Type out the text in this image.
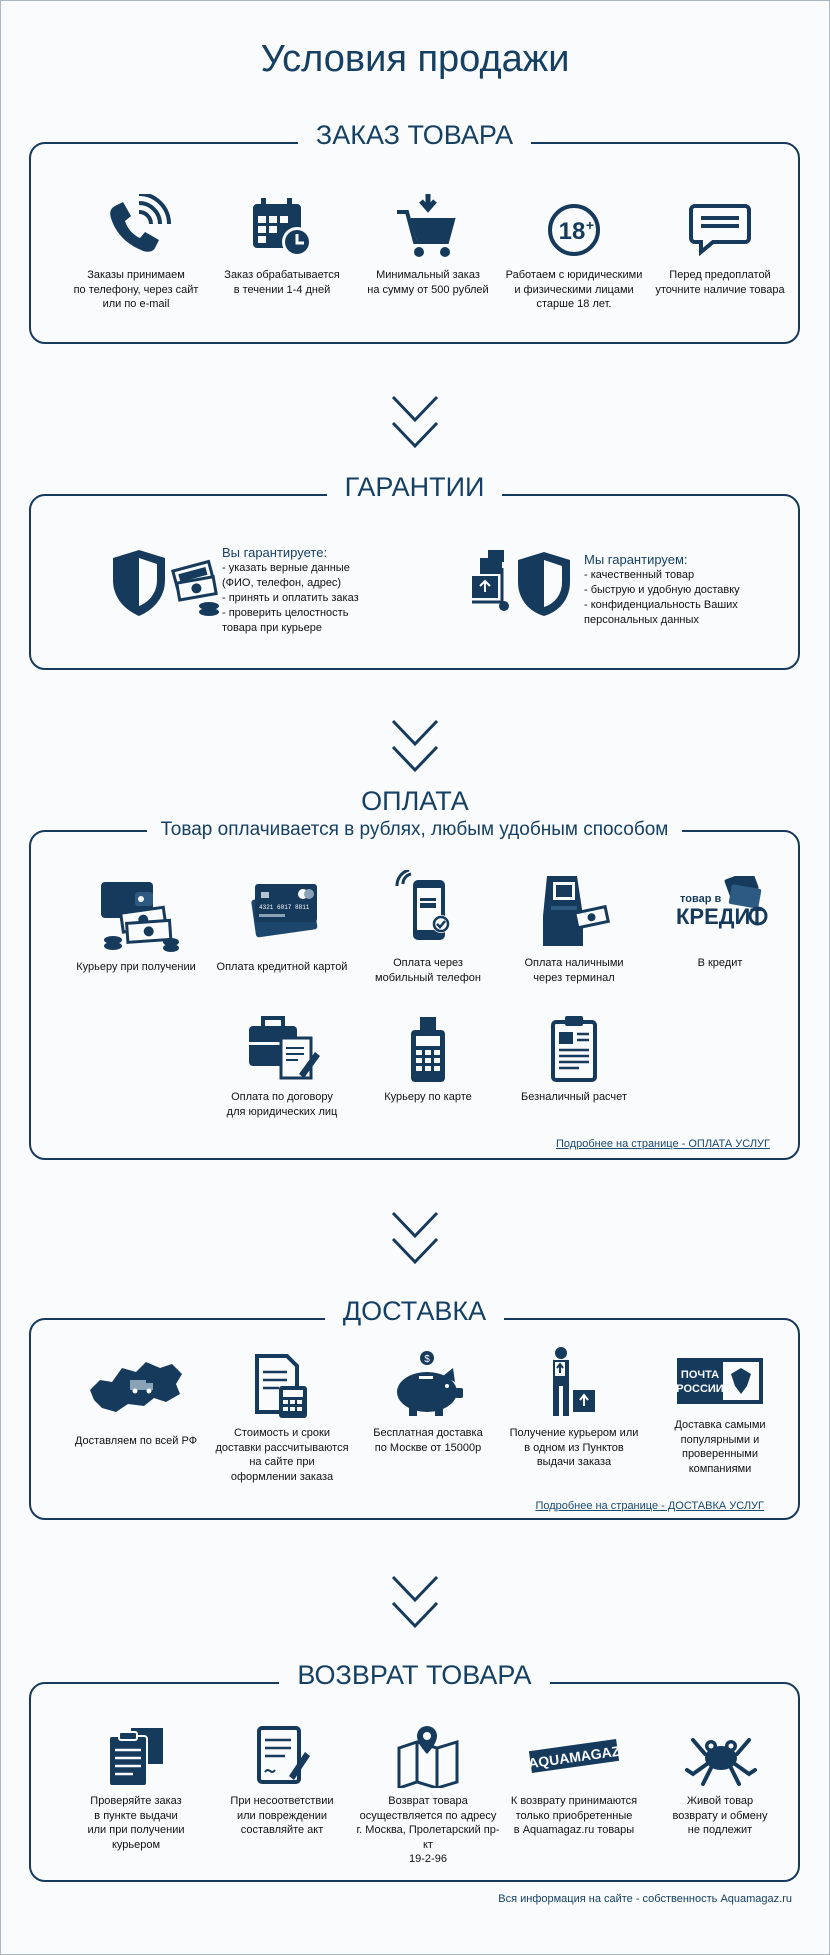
Условия продажи
ЗАКАЗ ТОВАРА
Заказы принимаем
по телефону, через сайт
или по e-mail
Заказ обрабатывается
в течении 1-4 дней
Минимальный заказ
на сумму от 500 рублей
18 +
Работаем с юридическими
и физическими лицами
старше 18 лет.
Перед предоплатой
уточните наличие товара
ГАРАНТИИ
Вы гарантируете:
- указать верные данные
(ФИО, телефон, адрес)
- принять и оплатить заказ
- проверить целостность
товара при курьере
Мы гарантируем:
- качественный товар
- быструю и удобную доставку
- конфиденциальность Ваших
персональных данных
ОПЛАТА
Товар оплачивается в рублях, любым удобным способом
Курьеру при получении
4321 6017 8811
Оплата кредитной картой	Оплата через
мобильный телефон
Оплата наличными
через терминал
товар в
КРЕДИТ
В кредит
Оплата по договору
для юридических лиц
Курьеру по карте	Безналичный расчет
Подробнее на странице - ОПЛАТА УСЛУГ
ДОСТАВКА
Доставляем по всей РФ
Стоимость и сроки
доставки рассчитываются
на сайте при
оформлении заказа
$
Бесплатная доставка
по Москве от 15000р
Получение курьером или
в одном из Пунктов
выдачи заказа
ПОЧТА
РОССИИ
Доставка самыми
популярными и
проверенными
компаниями
Подробнее на странице - ДОСТАВКА УСЛУГ
ВОЗВРАТ ТОВАРА
Проверяйте заказ
в пункте выдачи
или при получении
курьером
При несоответствии
или повреждении
составляйте акт
Возврат товара
осуществляется по адресу
г. Москва, Пролетарский пр-кт
19-2-96
AQUAMAGAZ
К возврату принимаются
только приобретенные
в Aquamagaz.ru товары
Живой товар
возврату и обмену
не подлежит
Вся информация на сайте - собственность Aquamagaz.ru
